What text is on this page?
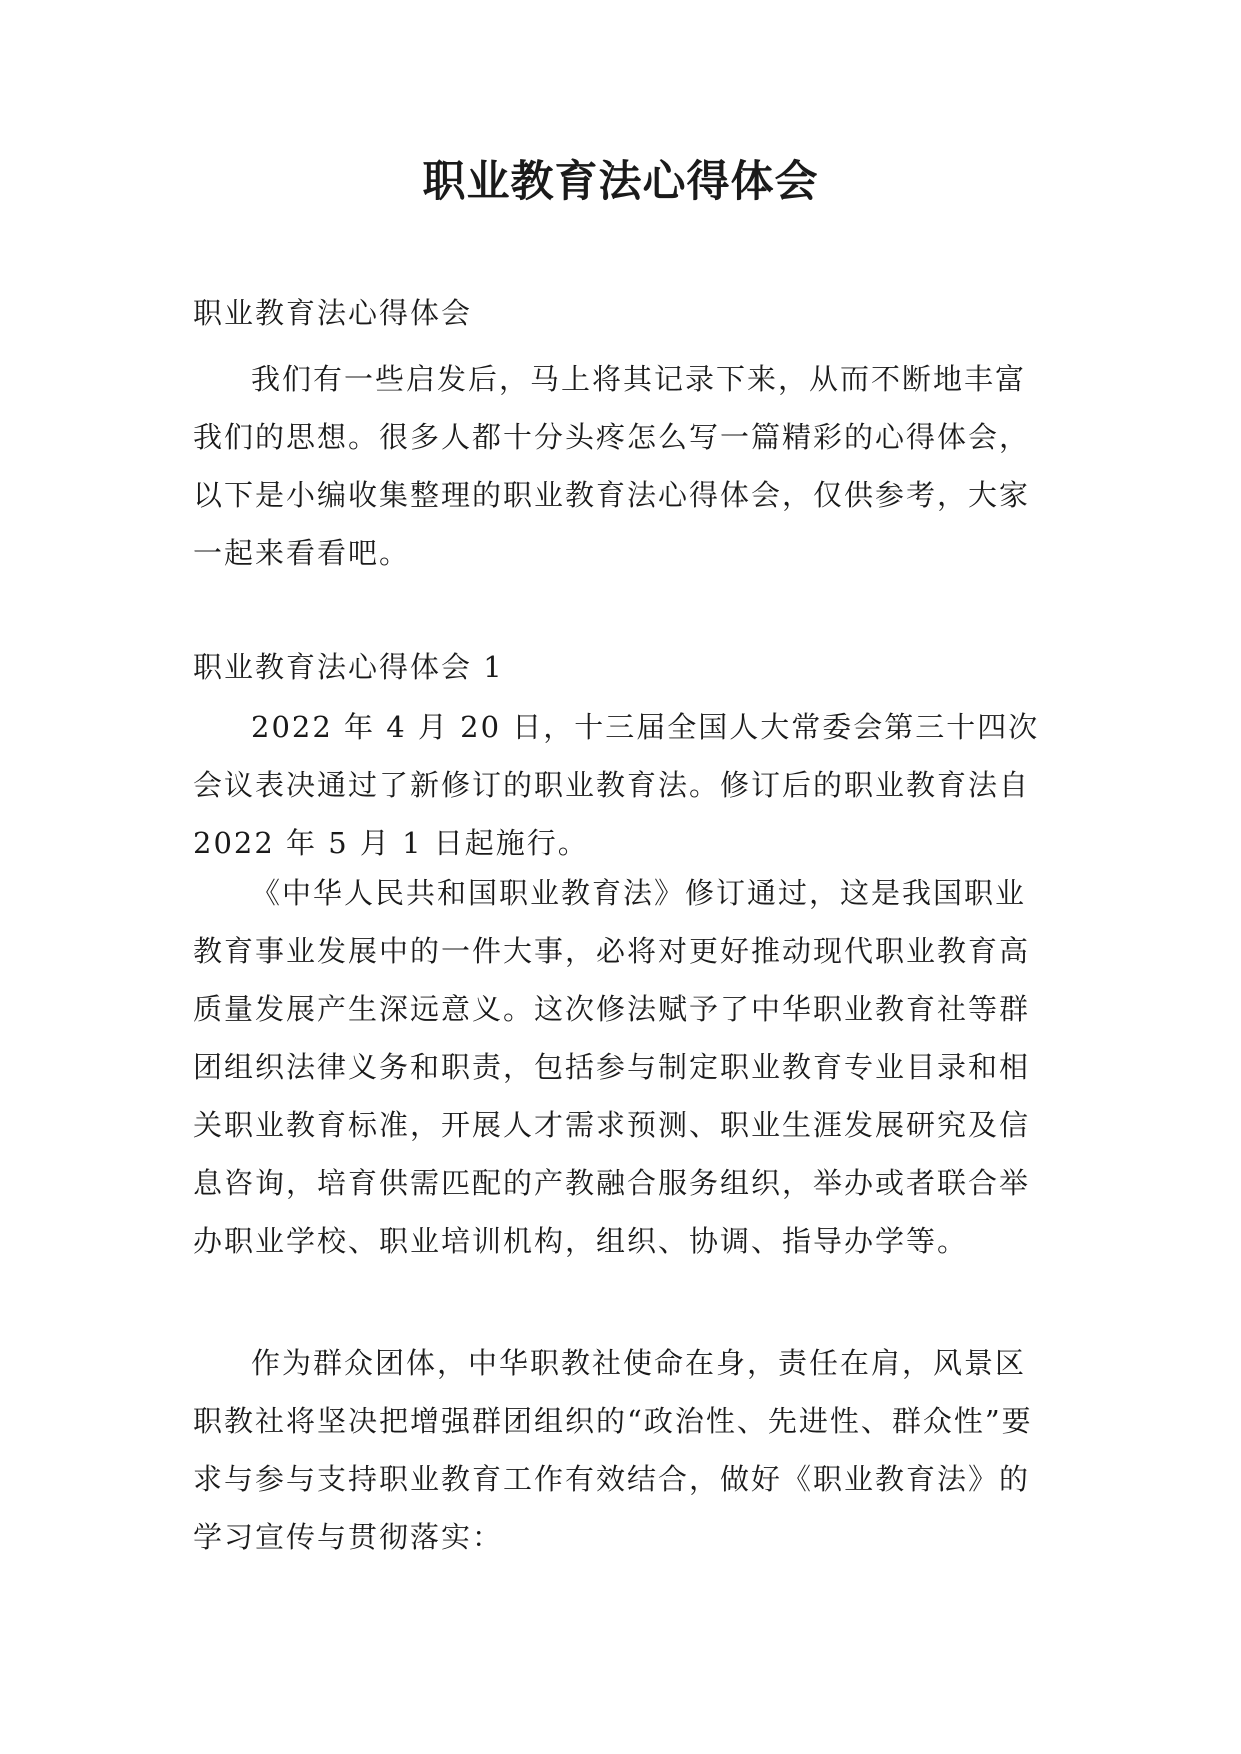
职业教育法心得体会

职业教育法心得体会

我们有一些启发后，马上将其记录下来，从而不断地丰富我们的思想。很多人都十分头疼怎么写一篇精彩的心得体会，以下是小编收集整理的职业教育法心得体会，仅供参考，大家一起来看看吧。

职业教育法心得体会 1

2022 年 4 月 20 日，十三届全国人大常委会第三十四次会议表决通过了新修订的职业教育法。修订后的职业教育法自 2022 年 5 月 1 日起施行。

《中华人民共和国职业教育法》修订通过，这是我国职业教育事业发展中的一件大事，必将对更好推动现代职业教育高质量发展产生深远意义。这次修法赋予了中华职业教育社等群团组织法律义务和职责，包括参与制定职业教育专业目录和相关职业教育标准，开展人才需求预测、职业生涯发展研究及信息咨询，培育供需匹配的产教融合服务组织，举办或者联合举办职业学校、职业培训机构，组织、协调、指导办学等。

作为群众团体，中华职教社使命在身，责任在肩，风景区职教社将坚决把增强群团组织的“政治性、先进性、群众性”要求与参与支持职业教育工作有效结合，做好《职业教育法》的学习宣传与贯彻落实：
